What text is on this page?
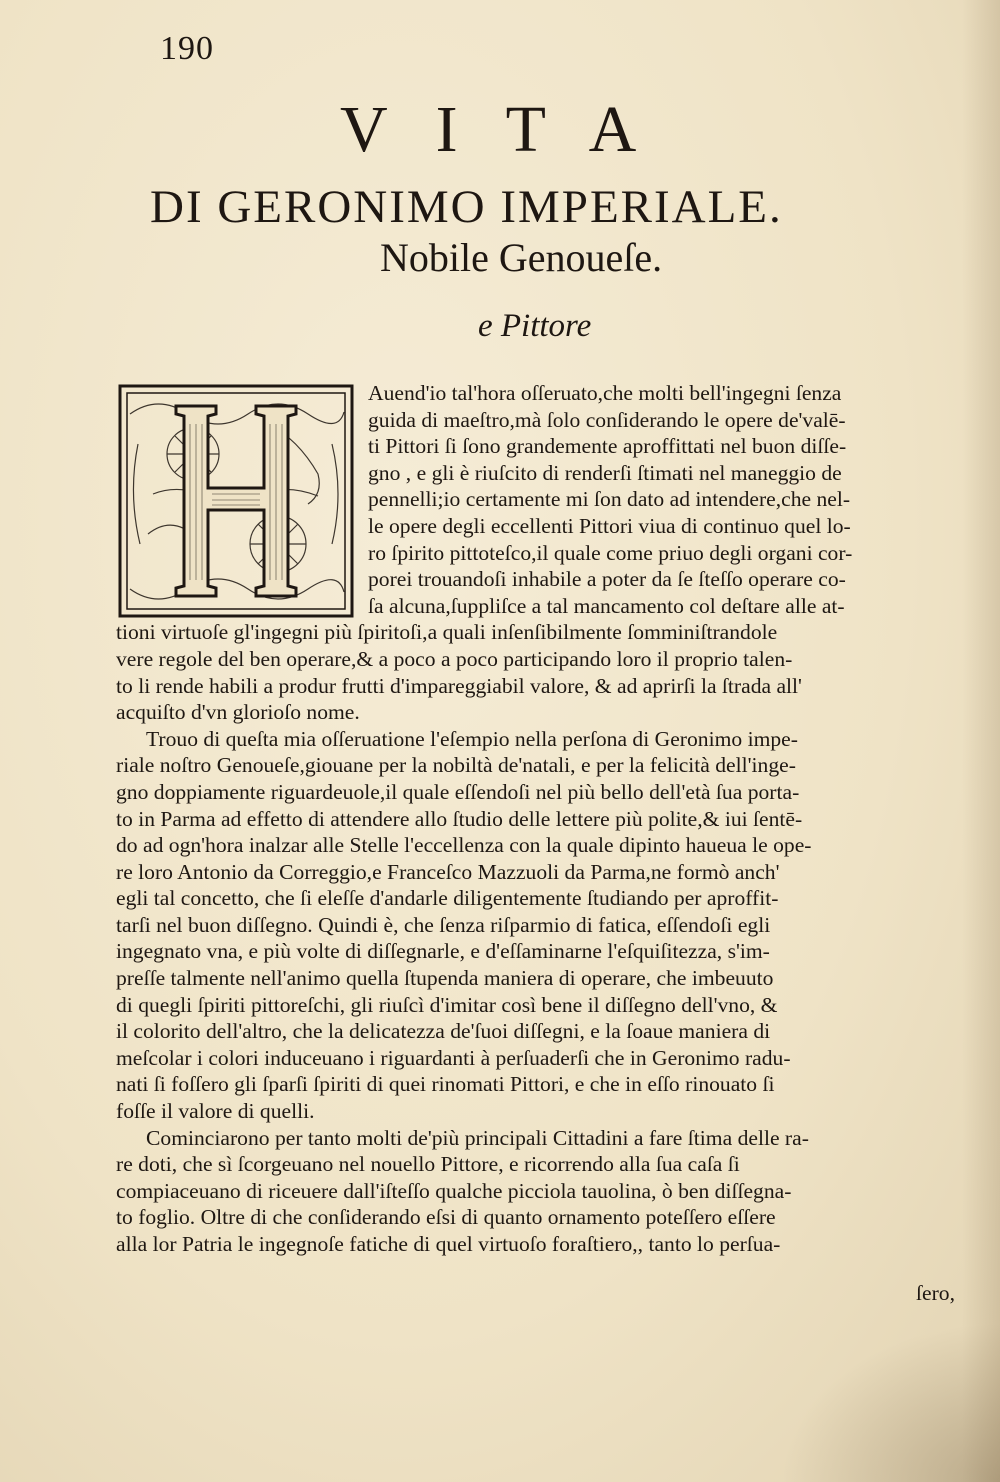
190
VITA
DI GERONIMO IMPERIALE.
Nobile Genoueſe.
e Pittore
Auend'io tal'hora oſſeruato,che molti bell'ingegni ſenza
guida di maeſtro,mà ſolo conſiderando le opere de'valē-
ti Pittori ſi ſono grandemente aproffittati nel buon diſſe-
gno , e gli è riuſcito di renderſi ſtimati nel maneggio de
pennelli;io certamente mi ſon dato ad intendere,che nel-
le opere degli eccellenti Pittori viua di continuo quel lo-
ro ſpirito pittoteſco,il quale come priuo degli organi cor-
porei trouandoſi inhabile a poter da ſe ſteſſo operare co-
ſa alcuna,ſuppliſce a tal mancamento col deſtare alle at-
tioni virtuoſe gl'ingegni più ſpiritoſi,a quali inſenſibilmente ſomminiſtrandole
vere regole del ben operare,& a poco a poco participando loro il proprio talen-
to li rende habili a produr frutti d'impareggiabil valore, & ad aprirſi la ſtrada all'
acquiſto d'vn glorioſo nome.
Trouo di queſta mia oſſeruatione l'eſempio nella perſona di Geronimo impe-
riale noſtro Genoueſe,giouane per la nobiltà de'natali, e per la felicità dell'inge-
gno doppiamente riguardeuole,il quale eſſendoſi nel più bello dell'età ſua porta-
to in Parma ad effetto di attendere allo ſtudio delle lettere più polite,& iui ſentē-
do ad ogn'hora inalzar alle Stelle l'eccellenza con la quale dipinto haueua le ope-
re loro Antonio da Correggio,e Franceſco Mazzuoli da Parma,ne formò anch'
egli tal concetto, che ſi eleſſe d'andarle diligentemente ſtudiando per aproffit-
tarſi nel buon diſſegno. Quindi è, che ſenza riſparmio di fatica, eſſendoſi egli
ingegnato vna, e più volte di diſſegnarle, e d'eſſaminarne l'eſquiſitezza, s'im-
preſſe talmente nell'animo quella ſtupenda maniera di operare, che imbeuuto
di quegli ſpiriti pittoreſchi, gli riuſcì d'imitar così bene il diſſegno dell'vno, &
il colorito dell'altro, che la delicatezza de'ſuoi diſſegni, e la ſoaue maniera di
meſcolar i colori induceuano i riguardanti à perſuaderſi che in Geronimo radu-
nati ſi foſſero gli ſparſi ſpiriti di quei rinomati Pittori, e che in eſſo rinouato ſi
foſſe il valore di quelli.
Cominciarono per tanto molti de'più principali Cittadini a fare ſtima delle ra-
re doti, che sì ſcorgeuano nel nouello Pittore, e ricorrendo alla ſua caſa ſi
compiaceuano di riceuere dall'iſteſſo qualche picciola tauolina, ò ben diſſegna-
to foglio. Oltre di che conſiderando eſsi di quanto ornamento poteſſero eſſere
alla lor Patria le ingegnoſe fatiche di quel virtuoſo foraſtiero,, tanto lo perſua-
ſero,
